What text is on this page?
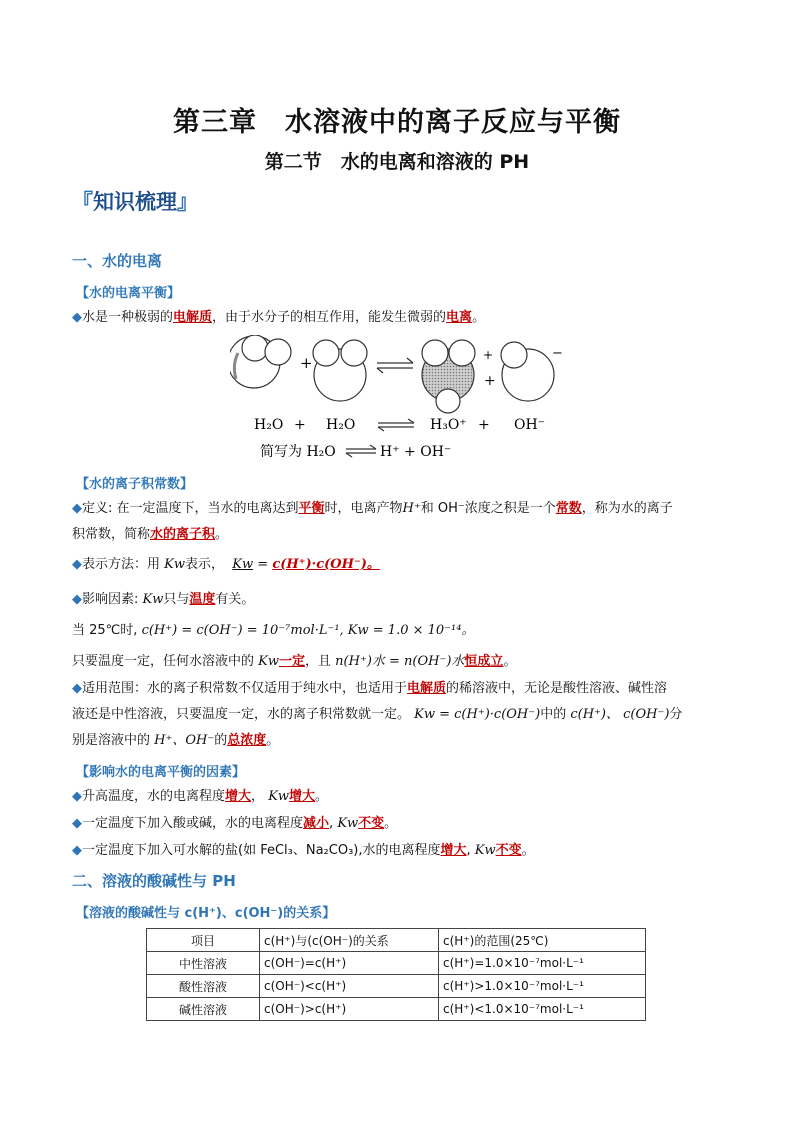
第三章　水溶液中的离子反应与平衡
第二节　水的电离和溶液的 PH
『知识梳理』
一、水的电离
【水的电离平衡】
◆水是一种极弱的电解质，由于水分子的相互作用，能发生微弱的电离。
+	+
+
−
H₂O + H₂O	H₃O⁺ + OH⁻
简写为 H₂O	H⁺ + OH⁻
【水的离子积常数】
◆定义: 在一定温度下，当水的电离达到平衡时，电离产物H⁺和 OH⁻浓度之积是一个常数，称为水的离子
积常数，简称水的离子积。
◆表示方法：用 Kw表示， Kw = c(H⁺)·c(OH⁻)。
◆影响因素: Kw只与温度有关。
当 25℃时, c(H⁺) = c(OH⁻) = 10⁻⁷mol·L⁻¹, Kw = 1.0 × 10⁻¹⁴。
只要温度一定，任何水溶液中的 Kw一定，且 n(H⁺)水 = n(OH⁻)水恒成立。
◆适用范围：水的离子积常数不仅适用于纯水中，也适用于电解质的稀溶液中，无论是酸性溶液、碱性溶
液还是中性溶液，只要温度一定，水的离子积常数就一定。 Kw = c(H⁺)·c(OH⁻)中的 c(H⁺)、 c(OH⁻)分
别是溶液中的 H⁺、OH⁻的总浓度。
【影响水的电离平衡的因素】
◆升高温度，水的电离程度增大， Kw增大。
◆一定温度下加入酸或碱，水的电离程度减小, Kw不变。
◆一定温度下加入可水解的盐(如 FeCl₃、Na₂CO₃),水的电离程度增大, Kw不变。
二、溶液的酸碱性与 PH
【溶液的酸碱性与 c(H⁺)、c(OH⁻)的关系】
项目	c(H⁺)与(c(OH⁻)的关系	c(H⁺)的范围(25℃)
中性溶液	c(OH⁻)=c(H⁺)	c(H⁺)=1.0×10⁻⁷mol·L⁻¹
酸性溶液	c(OH⁻)<c(H⁺)	c(H⁺)>1.0×10⁻⁷mol·L⁻¹
碱性溶液	c(OH⁻)>c(H⁺)	c(H⁺)<1.0×10⁻⁷mol·L⁻¹
